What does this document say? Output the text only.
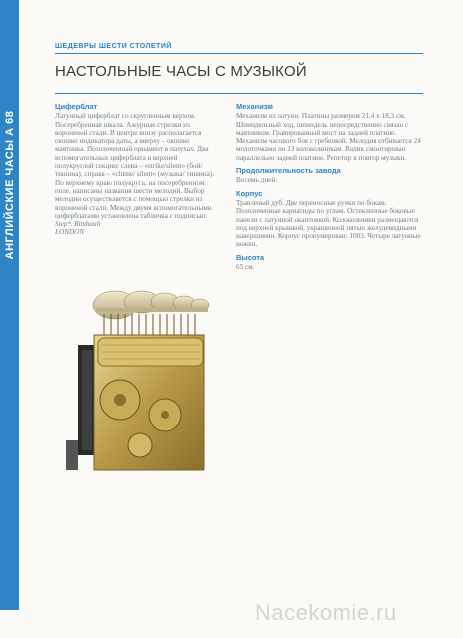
АНГЛИЙСКИЕ ЧАСЫ А 68
ШЕДЕВРЫ ШЕСТИ СТОЛЕТИЙ
НАСТОЛЬНЫЕ ЧАСЫ С МУЗЫКОЙ
Циферблат
Латунный циферблат со скругленным верхом. Посеребренная шкала. Ажурные стрелки из вороненой стали. В центре внизу располагается окошко индикатора даты, а вверху – окошко маятника. Позолоченный орнамент в пазухах. Два вспомогательных циферблата в верхней полукруглой секции: слева – «strike/silent» (бой/ тишина), справа – «chime/ silent» (музыка/ тишина). По верхнему краю полукруга, на посеребренном поле, написаны названия шести мелодий. Выбор мелодии осуществляется с помощью стрелки из вороненой стали. Между двумя вспомогательными циферблатами установлена табличка с подписью:
Stepᵗʰ. Rimbault
LONDON
Механизм
Механизм из латуни. Платины размером 21,4 x 18,3 см. Шпиндельный ход, шпиндель непосредственно связан с маятником. Гравированный мост на задней платине. Механизм часового боя с гребенкой. Мелодия отбивается 24 молоточками по 13 колокольчикам. Валик смонтирован параллельно задней платине. Репетир в повтор музыки.
Продолжительность завода
Восемь дней.
Корпус
Травленый дуб. Две переносные ручки по бокам. Позолоченные кариатиды по углам. Остекленные боковые панели с латунной окантовкой. Колокольчики размещаются под верхней крышкой, украшенной пятью желудевидными навершиями. Корпус пронумерован: 1083. Четыре латунные ножки.
Высота
65 см.
Nacekomie.ru
